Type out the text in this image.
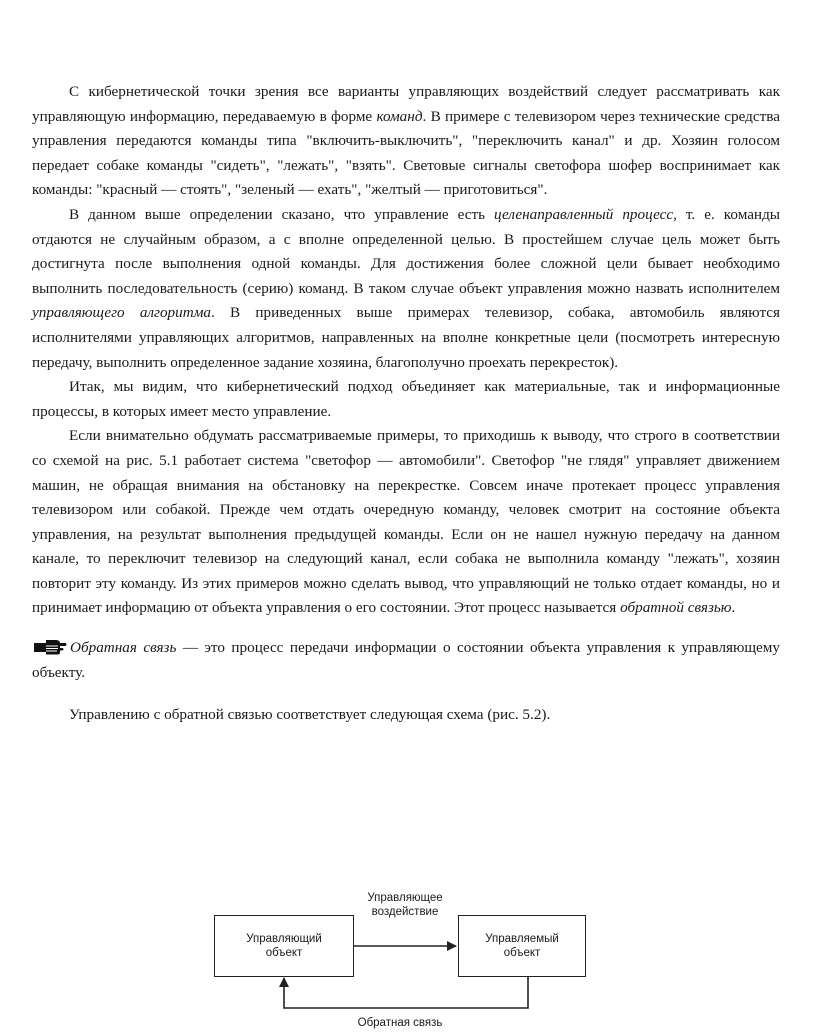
С кибернетической точки зрения все варианты управляющих воздействий следует рассматривать как управляющую информацию, передаваемую в форме команд. В примере с телевизором через технические средства управления передаются команды типа "включить-выключить", "переключить канал" и др. Хозяин голосом передает собаке команды "сидеть", "лежать", "взять". Световые сигналы светофора шофер воспринимает как команды: "красный — стоять", "зеленый — ехать", "желтый — приготовиться".

В данном выше определении сказано, что управление есть целенаправленный процесс, т. е. команды отдаются не случайным образом, а с вполне определенной целью. В простейшем случае цель может быть достигнута после выполнения одной команды. Для достижения более сложной цели бывает необходимо выполнить последовательность (серию) команд. В таком случае объект управления можно назвать исполнителем управляющего алгоритма. В приведенных выше примерах телевизор, собака, автомобиль являются исполнителями управляющих алгоритмов, направленных на вполне конкретные цели (посмотреть интересную передачу, выполнить определенное задание хозяина, благополучно проехать перекресток).

Итак, мы видим, что кибернетический подход объединяет как материальные, так и информационные процессы, в которых имеет место управление.

Если внимательно обдумать рассматриваемые примеры, то приходишь к выводу, что строго в соответствии со схемой на рис. 5.1 работает система "светофор — автомобили". Светофор "не глядя" управляет движением машин, не обращая внимания на обстановку на перекрестке. Совсем иначе протекает процесс управления телевизором или собакой. Прежде чем отдать очередную команду, человек смотрит на состояние объекта управления, на результат выполнения предыдущей команды. Если он не нашел нужную передачу на данном канале, то переключит телевизор на следующий канал, если собака не выполнила команду "лежать", хозяин повторит эту команду. Из этих примеров можно сделать вывод, что управляющий не только отдает команды, но и принимает информацию от объекта управления о его состоянии. Этот процесс называется обратной связью.

Обратная связь — это процесс передачи информации о состоянии объекта управления к управляющему объекту.

Управлению с обратной связью соответствует следующая схема (рис. 5.2).

Управляющее
воздействие
Управляющий
объект
Управляемый
объект
Обратная связь
